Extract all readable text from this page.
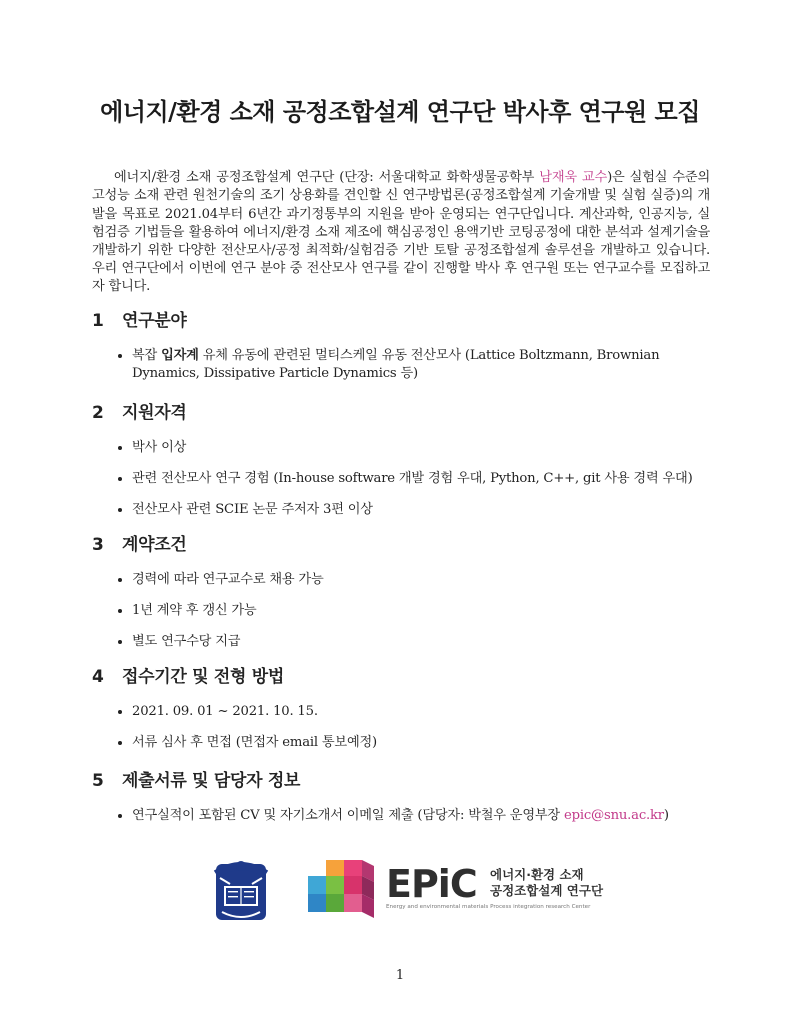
에너지/환경 소재 공정조합설계 연구단 박사후 연구원 모집

에너지/환경 소재 공정조합설계 연구단 (단장: 서울대학교 화학생물공학부 남재욱 교수)은 실험실 수준의 고성능 소재 관련 원천기술의 조기 상용화를 견인할 신 연구방법론(공정조합설계 기술개발 및 실험 실증)의 개발을 목표로 2021.04부터 6년간 과기정통부의 지원을 받아 운영되는 연구단입니다. 계산과학, 인공지능, 실험검증 기법들을 활용하여 에너지/환경 소재 제조에 핵심공정인 용액기반 코팅공정에 대한 분석과 설계기술을 개발하기 위한 다양한 전산모사/공정 최적화/실험검증 기반 토탈 공정조합설계 솔루션을 개발하고 있습니다. 우리 연구단에서 이번에 연구 분야 중 전산모사 연구를 같이 진행할 박사 후 연구원 또는 연구교수를 모집하고자 합니다.

1	연구분야
복잡 입자계 유체 유동에 관련된 멀티스케일 유동 전산모사 (Lattice Boltzmann, Brownian Dynamics, Dissipative Particle Dynamics 등)
2	지원자격
박사 이상
관련 전산모사 연구 경험 (In-house software 개발 경험 우대, Python, C++, git 사용 경력 우대)
전산모사 관련 SCIE 논문 주저자 3편 이상
3	계약조건
경력에 따라 연구교수로 채용 가능
1년 계약 후 갱신 가능
별도 연구수당 지급
4	접수기간 및 전형 방법
2021. 09. 01 ~ 2021. 10. 15.
서류 심사 후 면접 (면접자 email 통보예정)
5	제출서류 및 담당자 정보
연구실적이 포함된 CV 및 자기소개서 이메일 제출 (담당자: 박철우 운영부장 epic@snu.ac.kr)
EPiC 에너지·환경 소재
공정조합설계 연구단
Energy and environmental materials Process integration research Center
1
